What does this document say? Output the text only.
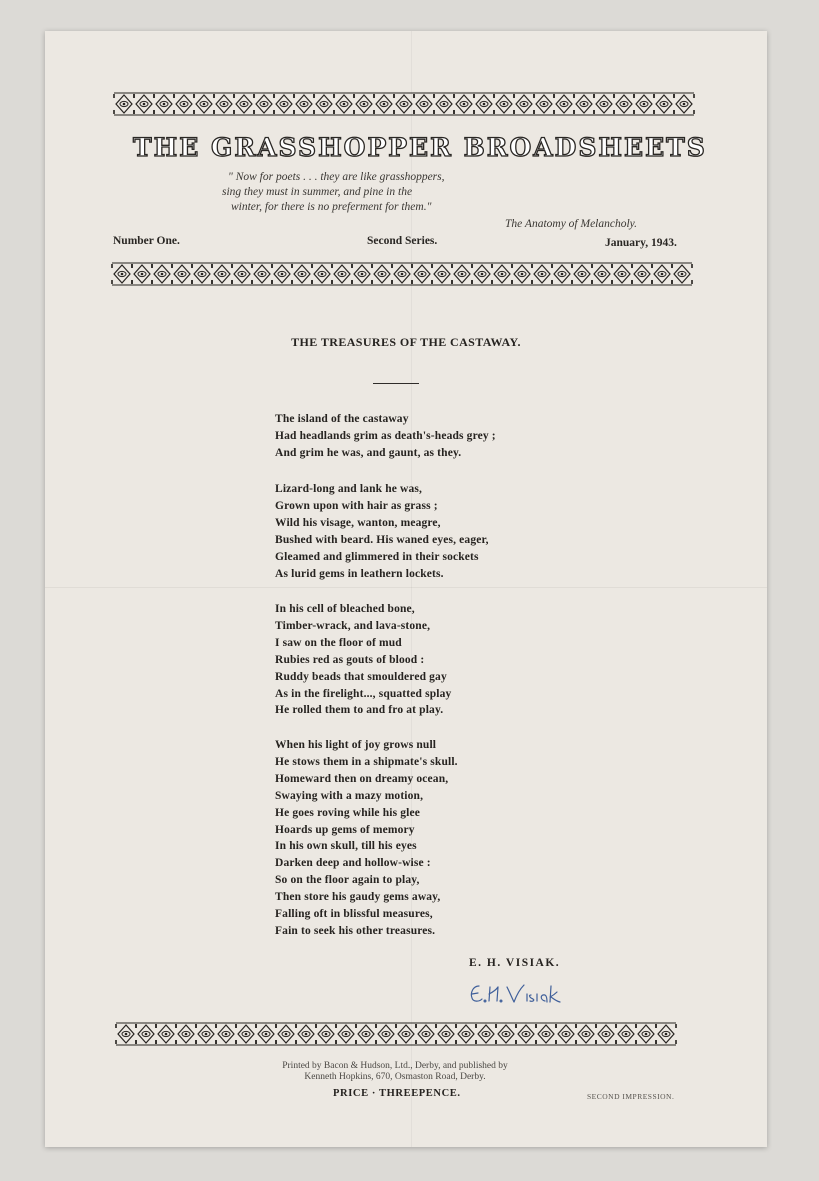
THE GRASSHOPPER BROADSHEETS
" Now for poets . . . they are like grasshoppers,
sing they must in summer, and pine in the
winter, for there is no preferment for them."
The Anatomy of Melancholy.
Number One.	Second Series.	January, 1943.
THE TREASURES OF THE CASTAWAY.
The island of the castaway
Had headlands grim as death's-heads grey ;
And grim he was, and gaunt, as they.
Lizard-long and lank he was,
Grown upon with hair as grass ;
Wild his visage, wanton, meagre,
Bushed with beard. His waned eyes, eager,
Gleamed and glimmered in their sockets
As lurid gems in leathern lockets.
In his cell of bleached bone,
Timber-wrack, and lava-stone,
I saw on the floor of mud
Rubies red as gouts of blood :
Ruddy beads that smouldered gay
As in the firelight..., squatted splay
He rolled them to and fro at play.
When his light of joy grows null
He stows them in a shipmate's skull.
Homeward then on dreamy ocean,
Swaying with a mazy motion,
He goes roving while his glee
Hoards up gems of memory
In his own skull, till his eyes
Darken deep and hollow-wise :
So on the floor again to play,
Then store his gaudy gems away,
Falling oft in blissful measures,
Fain to seek his other treasures.
E. H. VISIAK.
Printed by Bacon & Hudson, Ltd., Derby, and published by
Kenneth Hopkins, 670, Osmaston Road, Derby.
PRICE · THREEPENCE.	SECOND IMPRESSION.
